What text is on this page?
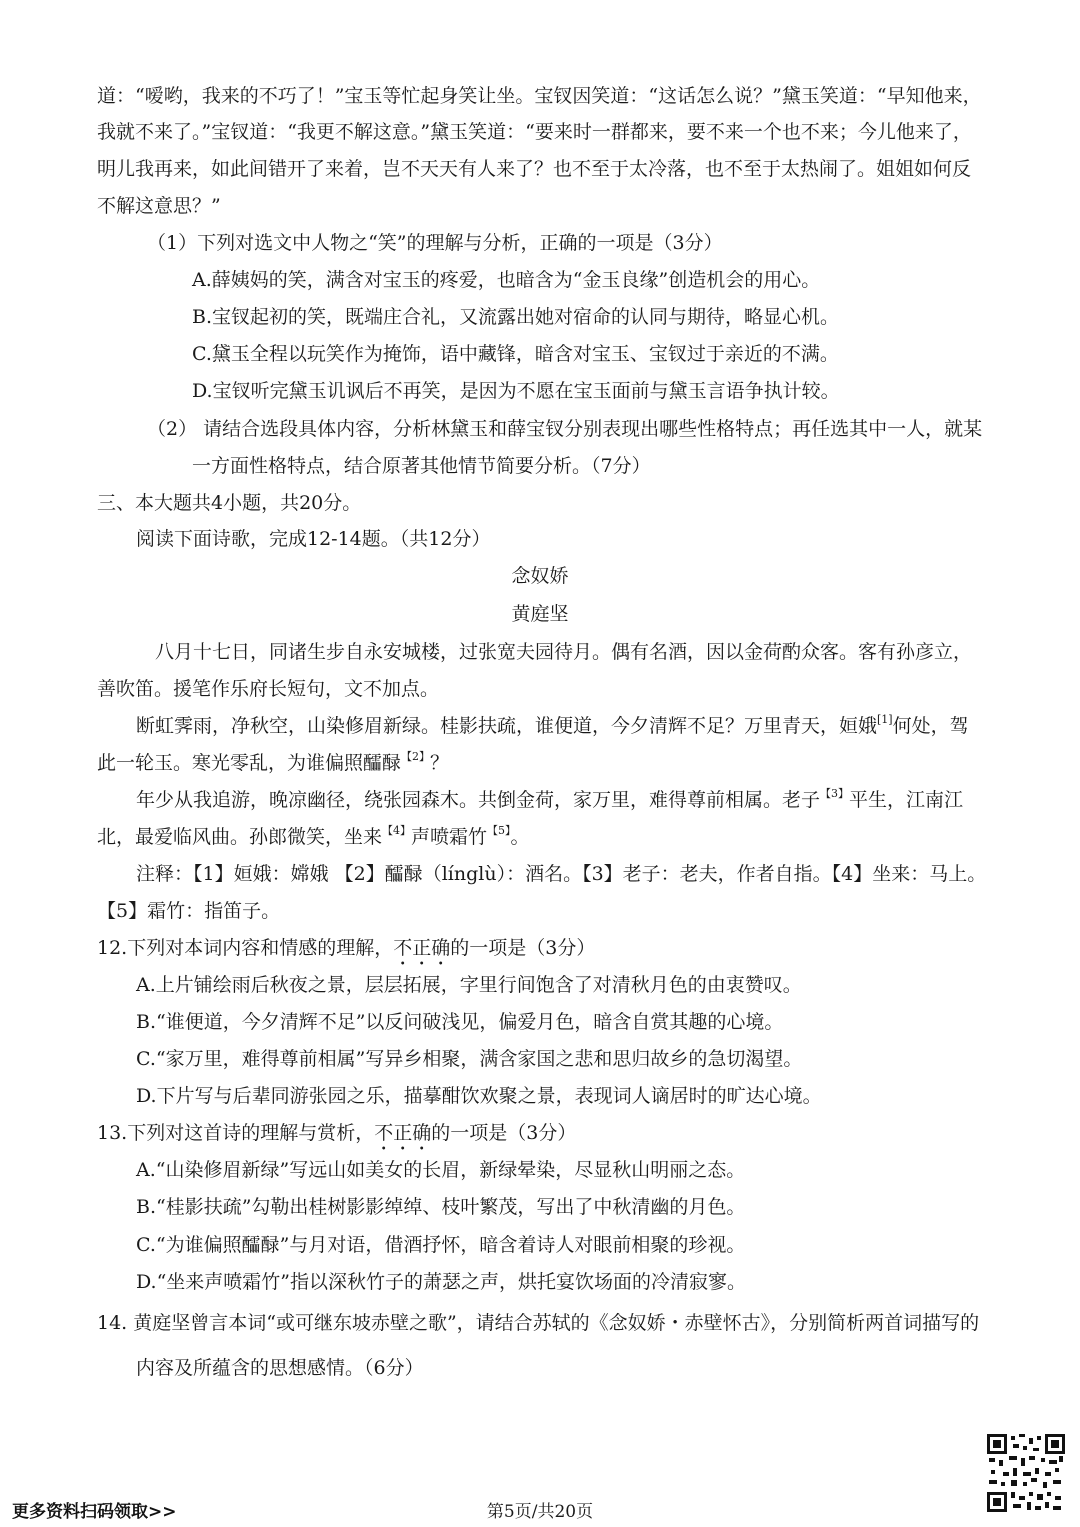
道：“嗳哟，我来的不巧了！”宝玉等忙起身笑让坐。宝钗因笑道：“这话怎么说？”黛玉笑道：“早知他来，
我就不来了。”宝钗道：“我更不解这意。”黛玉笑道：“要来时一群都来，要不来一个也不来；今儿他来了，
明儿我再来，如此间错开了来着，岂不天天有人来了？也不至于太冷落，也不至于太热闹了。姐姐如何反
不解这意思？”
（1）下列对选文中人物之“笑”的理解与分析，正确的一项是（3分）
A.薛姨妈的笑，满含对宝玉的疼爱，也暗含为“金玉良缘”创造机会的用心。
B.宝钗起初的笑，既端庄合礼，又流露出她对宿命的认同与期待，略显心机。
C.黛玉全程以玩笑作为掩饰，语中藏锋，暗含对宝玉、宝钗过于亲近的不满。
D.宝钗听完黛玉讥讽后不再笑，是因为不愿在宝玉面前与黛玉言语争执计较。
（2） 请结合选段具体内容，分析林黛玉和薛宝钗分别表现出哪些性格特点；再任选其中一人，就某
一方面性格特点，结合原著其他情节简要分析。（7分）
三、本大题共4小题，共20分。
阅读下面诗歌，完成12-14题。（共12分）
念奴娇
黄庭坚
八月十七日，同诸生步自永安城楼，过张宽夫园待月。偶有名酒，因以金荷酌众客。客有孙彦立，
善吹笛。援笔作乐府长短句，文不加点。
断虹霁雨，净秋空，山染修眉新绿。桂影扶疏，谁便道，今夕清辉不足？万里青天，姮娥[1]何处，驾
此一轮玉。寒光零乱，为谁偏照醽醁$^{【2】}$？
年少从我追游，晚凉幽径，绕张园森木。共倒金荷，家万里，难得尊前相属。老子$^{【3】}$平生，江南江
北，最爱临风曲。孙郎微笑，坐来$^{【4】}$声喷霜竹$^{【5】}$。
注释：【1】姮娥：嫦娥 【2】醽醁（línglù）：酒名。【3】老子：老夫，作者自指。【4】坐来：马上。
【5】霜竹：指笛子。
12.下列对本词内容和情感的理解，不正确的一项是（3分）
A.上片铺绘雨后秋夜之景，层层拓展，字里行间饱含了对清秋月色的由衷赞叹。
B.“谁便道，今夕清辉不足”以反问破浅见，偏爱月色，暗含自赏其趣的心境。
C.“家万里，难得尊前相属”写异乡相聚，满含家国之悲和思归故乡的急切渴望。
D.下片写与后辈同游张园之乐，描摹酣饮欢聚之景，表现词人谪居时的旷达心境。
13.下列对这首诗的理解与赏析，不正确的一项是（3分）
A.“山染修眉新绿”写远山如美女的长眉，新绿晕染，尽显秋山明丽之态。
B.“桂影扶疏”勾勒出桂树影影绰绰、枝叶繁茂，写出了中秋清幽的月色。
C.“为谁偏照醽醁”与月对语，借酒抒怀，暗含着诗人对眼前相聚的珍视。
D.“坐来声喷霜竹”指以深秋竹子的萧瑟之声，烘托宴饮场面的冷清寂寥。
14. 黄庭坚曾言本词“或可继东坡赤壁之歌”，请结合苏轼的《念奴娇・赤壁怀古》，分别简析两首词描写的
内容及所蕴含的思想感情。（6分）
更多资料扫码领取>>	第5页/共20页
